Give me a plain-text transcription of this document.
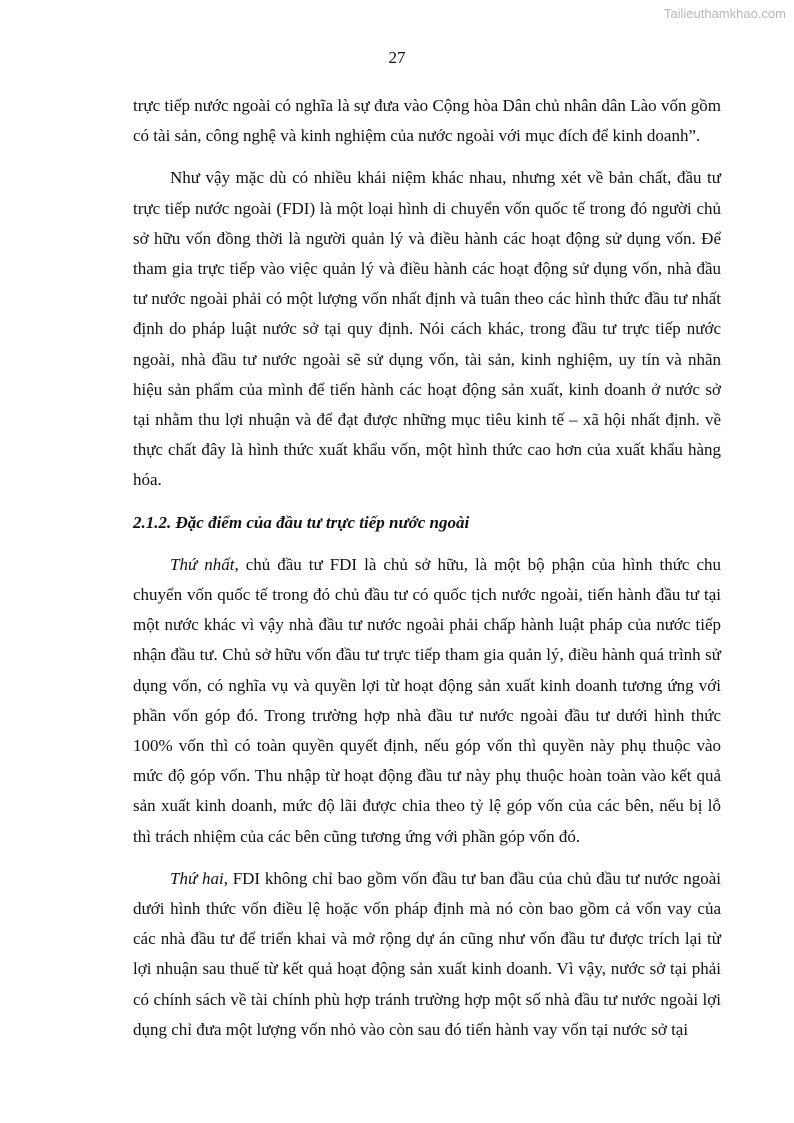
Tailieuthamkhao.com
27

trực tiếp nước ngoài có nghĩa là sự đưa vào Cộng hòa Dân chủ nhân dân Lào vốn gồm có tài sản, công nghệ và kinh nghiệm của nước ngoài với mục đích để kinh doanh”.

Như vậy mặc dù có nhiều khái niệm khác nhau, nhưng xét về bản chất, đầu tư trực tiếp nước ngoài (FDI) là một loại hình di chuyển vốn quốc tế trong đó người chủ sở hữu vốn đồng thời là người quản lý và điều hành các hoạt động sử dụng vốn. Để tham gia trực tiếp vào việc quản lý và điều hành các hoạt động sử dụng vốn, nhà đầu tư nước ngoài phải có một lượng vốn nhất định và tuân theo các hình thức đầu tư nhất định do pháp luật nước sở tại quy định. Nói cách khác, trong đầu tư trực tiếp nước ngoài, nhà đầu tư nước ngoài sẽ sử dụng vốn, tài sản, kinh nghiệm, uy tín và nhãn hiệu sản phẩm của mình để tiến hành các hoạt động sản xuất, kinh doanh ở nước sở tại nhằm thu lợi nhuận và để đạt được những mục tiêu kinh tế – xã hội nhất định. về thực chất đây là hình thức xuất khẩu vốn, một hình thức cao hơn của xuất khẩu hàng hóa.

2.1.2. Đặc điểm của đầu tư trực tiếp nước ngoài

Thứ nhất, chủ đầu tư FDI là chủ sở hữu, là một bộ phận của hình thức chu chuyển vốn quốc tế trong đó chủ đầu tư có quốc tịch nước ngoài, tiến hành đầu tư tại một nước khác vì vậy nhà đầu tư nước ngoài phải chấp hành luật pháp của nước tiếp nhận đầu tư. Chủ sở hữu vốn đầu tư trực tiếp tham gia quản lý, điều hành quá trình sử dụng vốn, có nghĩa vụ và quyền lợi từ hoạt động sản xuất kinh doanh tương ứng với phần vốn góp đó. Trong trường hợp nhà đầu tư nước ngoài đầu tư dưới hình thức 100% vốn thì có toàn quyền quyết định, nếu góp vốn thì quyền này phụ thuộc vào mức độ góp vốn. Thu nhập từ hoạt động đầu tư này phụ thuộc hoàn toàn vào kết quả sản xuất kinh doanh, mức độ lãi được chia theo tỷ lệ góp vốn của các bên, nếu bị lỗ thì trách nhiệm của các bên cũng tương ứng với phần góp vốn đó.

Thứ hai, FDI không chỉ bao gồm vốn đầu tư ban đầu của chủ đầu tư nước ngoài dưới hình thức vốn điều lệ hoặc vốn pháp định mà nó còn bao gồm cả vốn vay của các nhà đầu tư để triển khai và mở rộng dự án cũng như vốn đầu tư được trích lại từ lợi nhuận sau thuế từ kết quả hoạt động sản xuất kinh doanh. Vì vậy, nước sở tại phải có chính sách về tài chính phù hợp tránh trường hợp một số nhà đầu tư nước ngoài lợi dụng chỉ đưa một lượng vốn nhỏ vào còn sau đó tiến hành vay vốn tại nước sở tại
